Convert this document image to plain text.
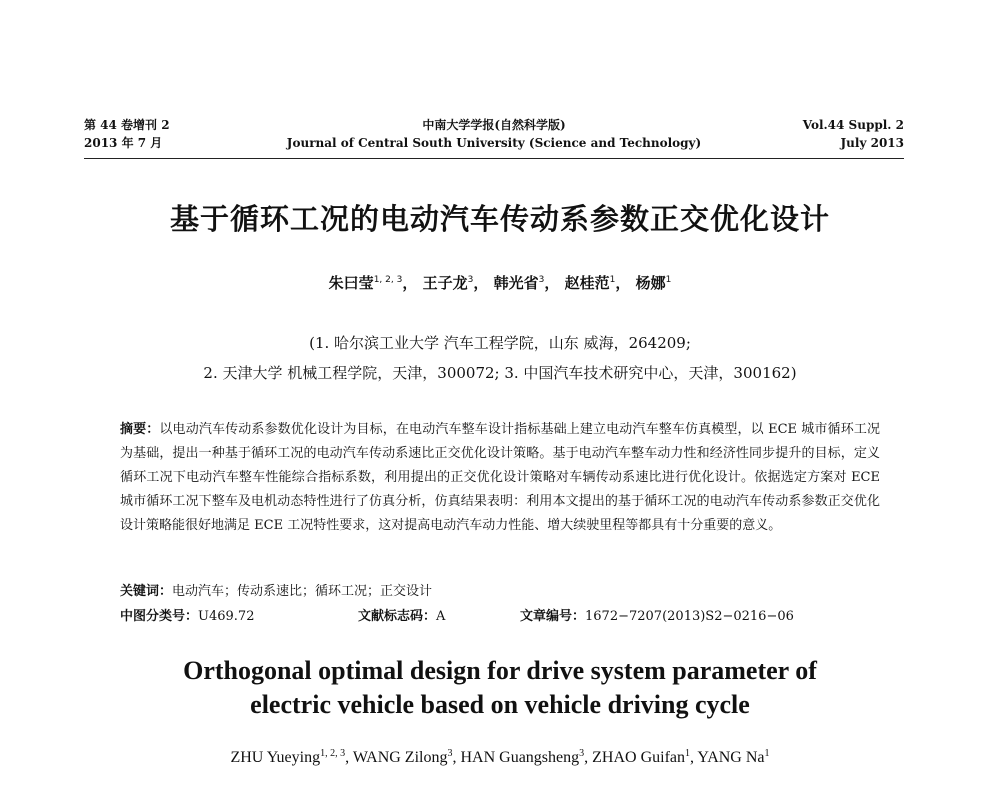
第 44 卷增刊 2
2013 年 7 月
中南大学学报(自然科学版)
Journal of Central South University (Science and Technology)
Vol.44 Suppl. 2
July 2013
基于循环工况的电动汽车传动系参数正交优化设计
朱曰莹$^{1, 2, 3}$， 王子龙$^3$， 韩光省$^3$， 赵桂范$^1$， 杨娜$^1$
(1. 哈尔滨工业大学 汽车工程学院，山东 威海，264209;
2. 天津大学 机械工程学院，天津，300072; 3. 中国汽车技术研究中心，天津，300162)
摘要：以电动汽车传动系参数优化设计为目标，在电动汽车整车设计指标基础上建立电动汽车整车仿真模型，以 ECE 城市循环工况为基础，提出一种基于循环工况的电动汽车传动系速比正交优化设计策略。基于电动汽车整车动力性和经济性同步提升的目标，定义循环工况下电动汽车整车性能综合指标系数，利用提出的正交优化设计策略对车辆传动系速比进行优化设计。依据选定方案对 ECE 城市循环工况下整车及电机动态特性进行了仿真分析，仿真结果表明：利用本文提出的基于循环工况的电动汽车传动系参数正交优化设计策略能很好地满足 ECE 工况特性要求，这对提高电动汽车动力性能、增大续驶里程等都具有十分重要的意义。
关键词：电动汽车；传动系速比；循环工况；正交设计
中图分类号：U469.72	文献标志码：A	文章编号：1672−7207(2013)S2−0216−06
Orthogonal optimal design for drive system parameter of
electric vehicle based on vehicle driving cycle
ZHU Yueying$^{1, 2, 3}$, WANG Zilong$^3$, HAN Guangsheng$^3$, ZHAO Guifan$^1$, YANG Na$^1$
